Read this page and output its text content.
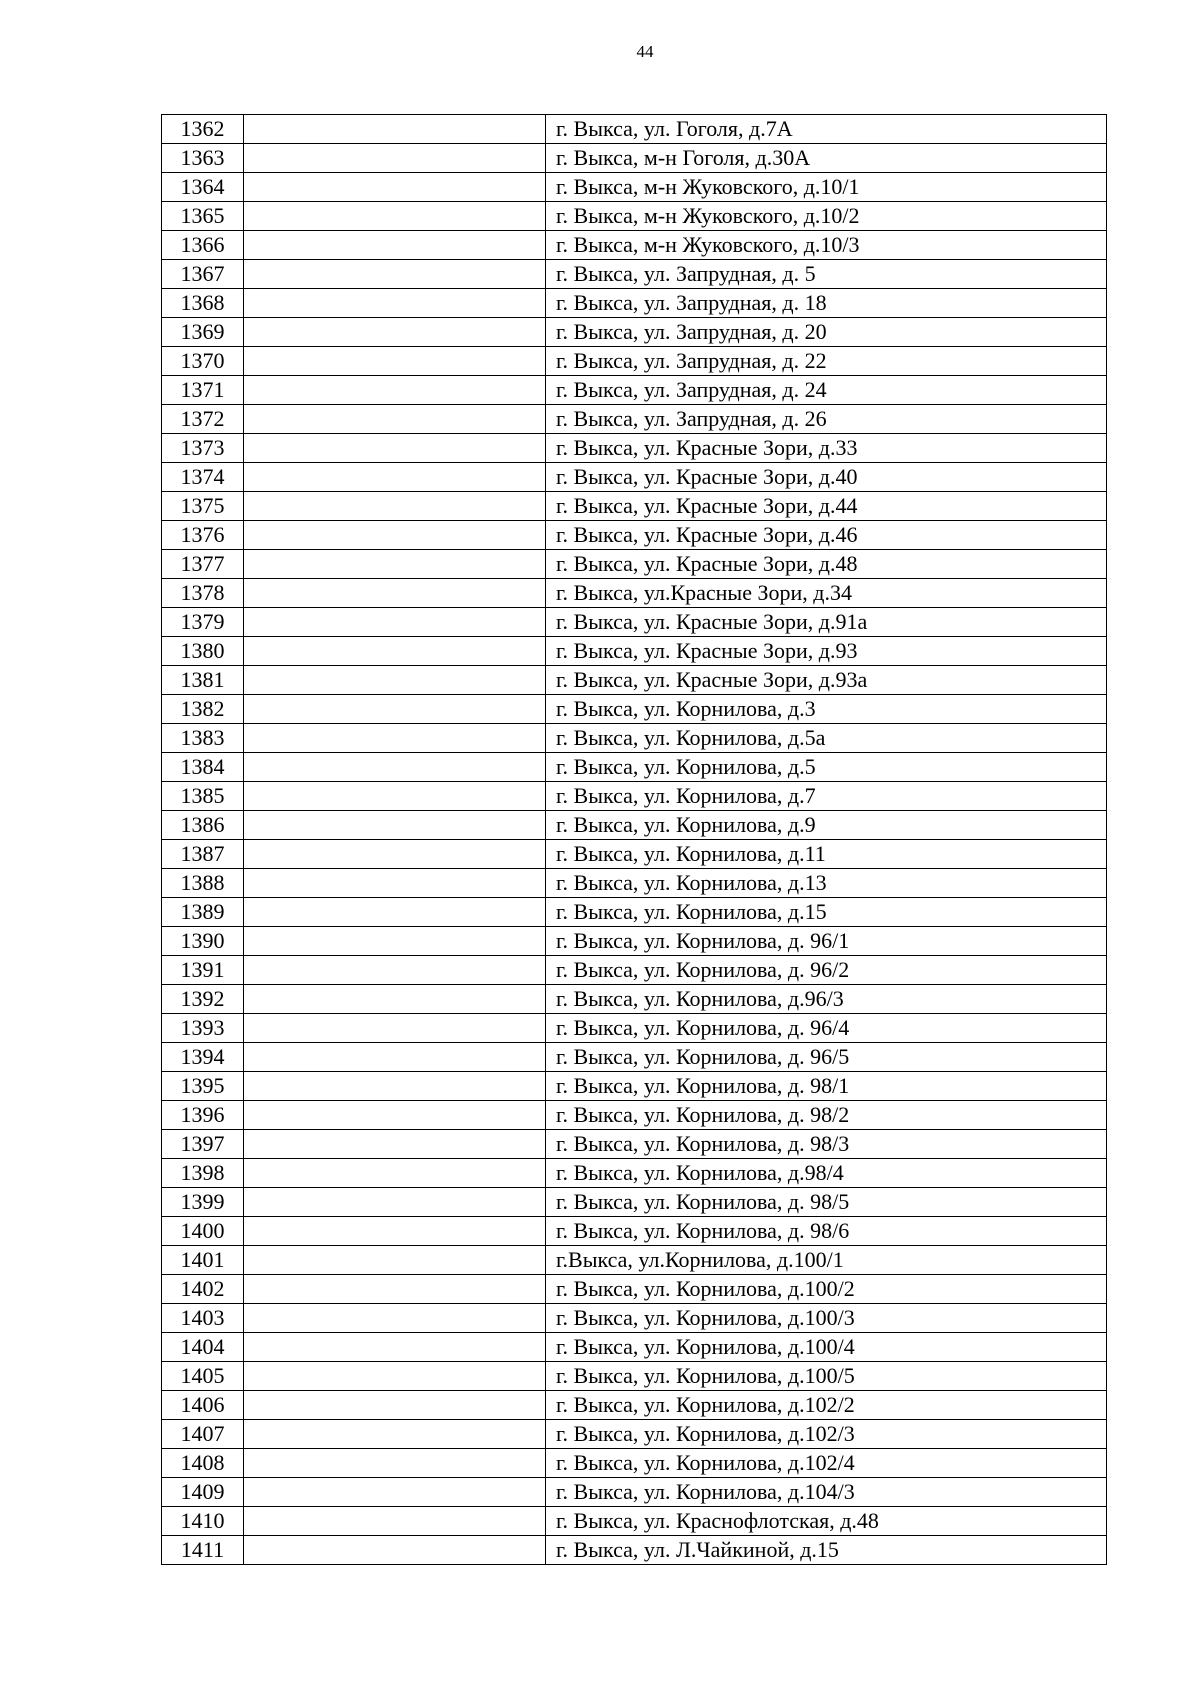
44
1362		г. Выкса, ул. Гоголя, д.7А
1363		г. Выкса, м-н Гоголя, д.30А
1364		г. Выкса, м-н Жуковского, д.10/1
1365		г. Выкса, м-н Жуковского, д.10/2
1366		г. Выкса, м-н Жуковского, д.10/3
1367		г. Выкса, ул. Запрудная, д. 5
1368		г. Выкса, ул. Запрудная, д. 18
1369		г. Выкса, ул. Запрудная, д. 20
1370		г. Выкса, ул. Запрудная, д. 22
1371		г. Выкса, ул. Запрудная, д. 24
1372		г. Выкса, ул. Запрудная, д. 26
1373		г. Выкса, ул. Красные Зори, д.33
1374		г. Выкса, ул. Красные Зори, д.40
1375		г. Выкса, ул. Красные Зори, д.44
1376		г. Выкса, ул. Красные Зори, д.46
1377		г. Выкса, ул. Красные Зори, д.48
1378		г. Выкса, ул.Красные Зори, д.34
1379		г. Выкса, ул. Красные Зори, д.91а
1380		г. Выкса, ул. Красные Зори, д.93
1381		г. Выкса, ул. Красные Зори, д.93а
1382		г. Выкса, ул. Корнилова, д.3
1383		г. Выкса, ул. Корнилова, д.5а
1384		г. Выкса, ул. Корнилова, д.5
1385		г. Выкса, ул. Корнилова, д.7
1386		г. Выкса, ул. Корнилова, д.9
1387		г. Выкса, ул. Корнилова, д.11
1388		г. Выкса, ул. Корнилова, д.13
1389		г. Выкса, ул. Корнилова, д.15
1390		г. Выкса, ул. Корнилова, д. 96/1
1391		г. Выкса, ул. Корнилова, д. 96/2
1392		г. Выкса, ул. Корнилова, д.96/3
1393		г. Выкса, ул. Корнилова, д. 96/4
1394		г. Выкса, ул. Корнилова, д. 96/5
1395		г. Выкса, ул. Корнилова, д. 98/1
1396		г. Выкса, ул. Корнилова, д. 98/2
1397		г. Выкса, ул. Корнилова, д. 98/3
1398		г. Выкса, ул. Корнилова, д.98/4
1399		г. Выкса, ул. Корнилова, д. 98/5
1400		г. Выкса, ул. Корнилова, д. 98/6
1401		г.Выкса, ул.Корнилова, д.100/1
1402		г. Выкса, ул. Корнилова, д.100/2
1403		г. Выкса, ул. Корнилова, д.100/3
1404		г. Выкса, ул. Корнилова, д.100/4
1405		г. Выкса, ул. Корнилова, д.100/5
1406		г. Выкса, ул. Корнилова, д.102/2
1407		г. Выкса, ул. Корнилова, д.102/3
1408		г. Выкса, ул. Корнилова, д.102/4
1409		г. Выкса, ул. Корнилова, д.104/3
1410		г. Выкса, ул. Краснофлотская, д.48
1411		г. Выкса, ул. Л.Чайкиной, д.15
